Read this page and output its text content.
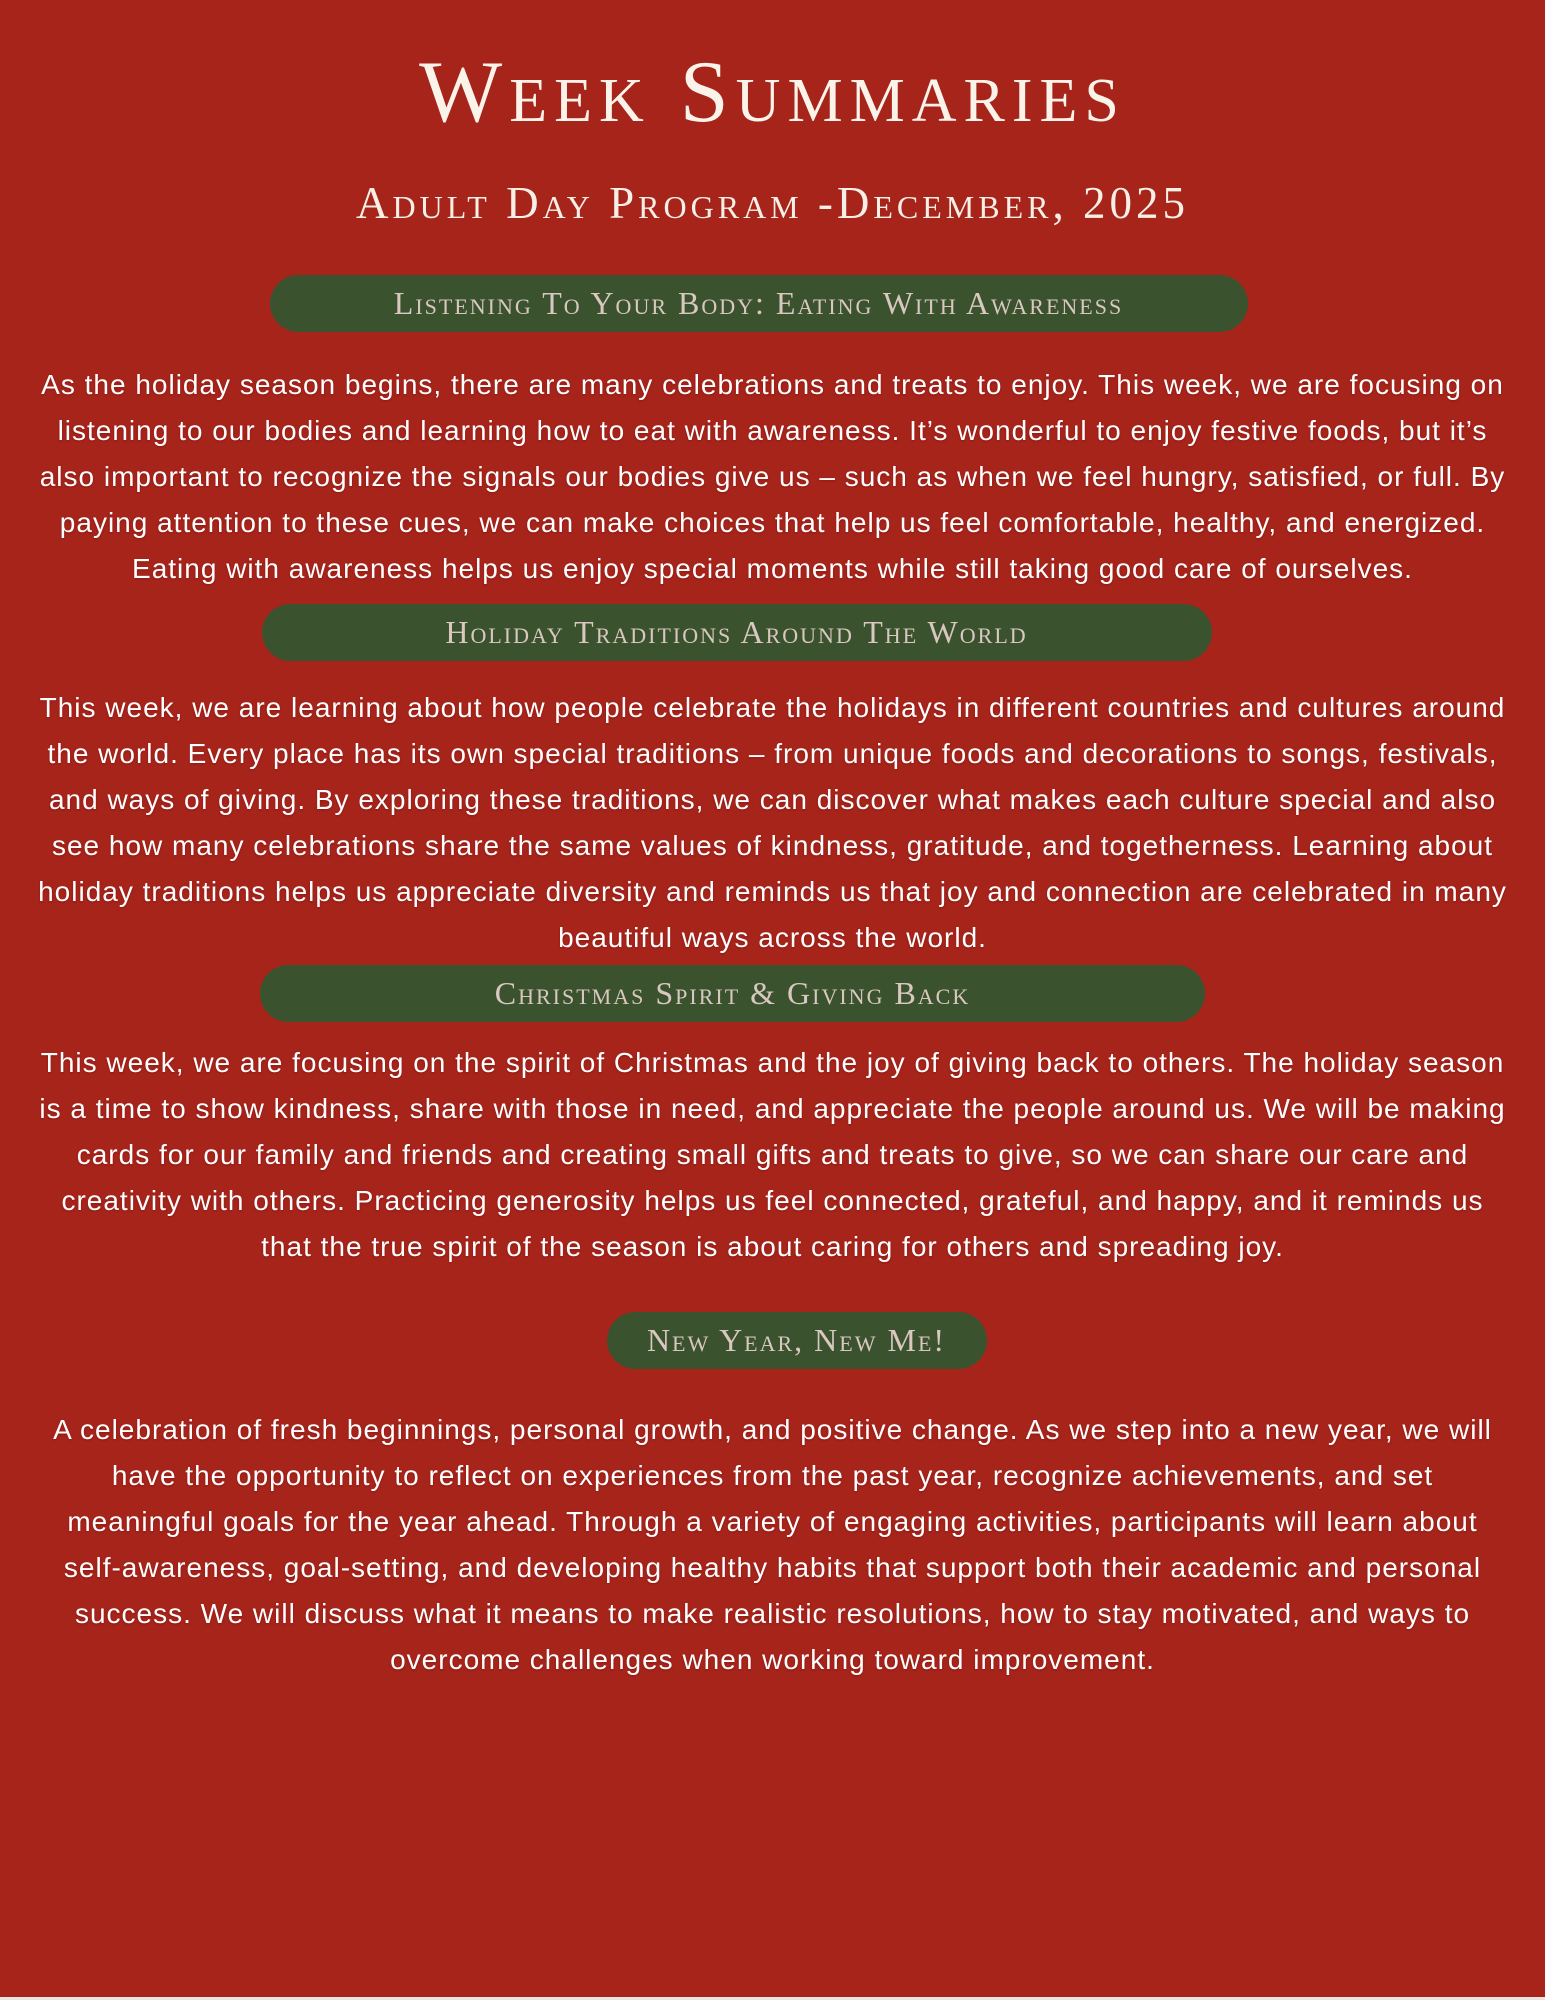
Week Summaries
Adult Day Program -December, 2025
Listening To Your Body: Eating With Awareness

As the holiday season begins, there are many celebrations and treats to enjoy. This week, we are focusing on listening to our bodies and learning how to eat with awareness. It’s wonderful to enjoy festive foods, but it’s also important to recognize the signals our bodies give us – such as when we feel hungry, satisfied, or full. By paying attention to these cues, we can make choices that help us feel comfortable, healthy, and energized. Eating with awareness helps us enjoy special moments while still taking good care of ourselves.

Holiday Traditions Around The World

This week, we are learning about how people celebrate the holidays in different countries and cultures around the world. Every place has its own special traditions – from unique foods and decorations to songs, festivals, and ways of giving. By exploring these traditions, we can discover what makes each culture special and also see how many celebrations share the same values of kindness, gratitude, and togetherness. Learning about holiday traditions helps us appreciate diversity and reminds us that joy and connection are celebrated in many beautiful ways across the world.

Christmas Spirit & Giving Back

This week, we are focusing on the spirit of Christmas and the joy of giving back to others. The holiday season is a time to show kindness, share with those in need, and appreciate the people around us. We will be making cards for our family and friends and creating small gifts and treats to give, so we can share our care and creativity with others. Practicing generosity helps us feel connected, grateful, and happy, and it reminds us that the true spirit of the season is about caring for others and spreading joy.

New Year, New Me!

A celebration of fresh beginnings, personal growth, and positive change. As we step into a new year, we will have the opportunity to reflect on experiences from the past year, recognize achievements, and set meaningful goals for the year ahead. Through a variety of engaging activities, participants will learn about self-awareness, goal-setting, and developing healthy habits that support both their academic and personal success. We will discuss what it means to make realistic resolutions, how to stay motivated, and ways to overcome challenges when working toward improvement.
